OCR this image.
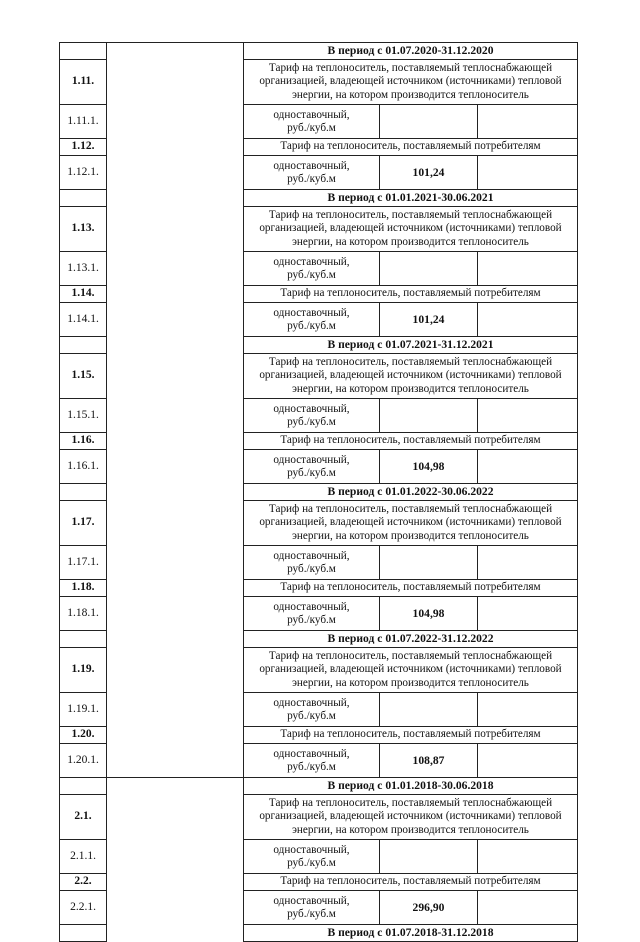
		В период с 01.07.2020-31.12.2020		
1.11.		Тариф на теплоноситель, поставляемый теплоснабжающей организацией, владеющей источником (источниками) тепловой энергии, на котором производится теплоноситель		
1.11.1.		одноставочный,
руб./куб.м		

1.12.		Тариф на теплоноситель, поставляемый потребителям		
1.12.1.		одноставочный,
руб./куб.м	101,24	
		В период с 01.01.2021-30.06.2021		
1.13.		Тариф на теплоноситель, поставляемый теплоснабжающей организацией, владеющей источником (источниками) тепловой энергии, на котором производится теплоноситель		
1.13.1.		одноставочный,
руб./куб.м		

1.14.		Тариф на теплоноситель, поставляемый потребителям		
1.14.1.		одноставочный,
руб./куб.м	101,24	
		В период с 01.07.2021-31.12.2021		
1.15.		Тариф на теплоноситель, поставляемый теплоснабжающей организацией, владеющей источником (источниками) тепловой энергии, на котором производится теплоноситель		
1.15.1.		одноставочный,
руб./куб.м		

1.16.		Тариф на теплоноситель, поставляемый потребителям		
1.16.1.		одноставочный,
руб./куб.м	104,98	
		В период с 01.01.2022-30.06.2022		
1.17.		Тариф на теплоноситель, поставляемый теплоснабжающей организацией, владеющей источником (источниками) тепловой энергии, на котором производится теплоноситель		
1.17.1.		одноставочный,
руб./куб.м		

1.18.		Тариф на теплоноситель, поставляемый потребителям		
1.18.1.		одноставочный,
руб./куб.м	104,98	
		В период с 01.07.2022-31.12.2022		
1.19.		Тариф на теплоноситель, поставляемый теплоснабжающей организацией, владеющей источником (источниками) тепловой энергии, на котором производится теплоноситель		
1.19.1.		одноставочный,
руб./куб.м		

1.20.		Тариф на теплоноситель, поставляемый потребителям		
1.20.1.		одноставочный,
руб./куб.м	108,87	
		В период с 01.01.2018-30.06.2018		
2.1.		Тариф на теплоноситель, поставляемый теплоснабжающей организацией, владеющей источником (источниками) тепловой энергии, на котором производится теплоноситель		
2.1.1.		одноставочный,
руб./куб.м		

2.2.		Тариф на теплоноситель, поставляемый потребителям		
2.2.1.		одноставочный,
руб./куб.м	296,90	
		В период с 01.07.2018-31.12.2018		
